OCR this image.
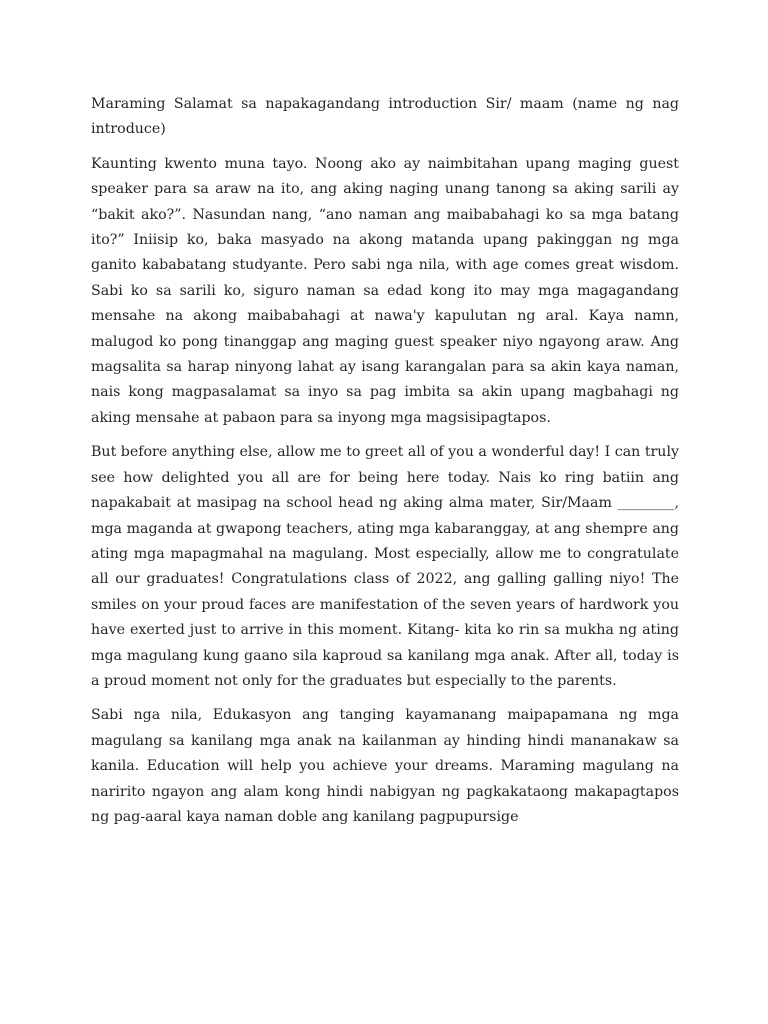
Maraming Salamat sa napakagandang introduction Sir/ maam (name ng nag introduce)

Kaunting kwento muna tayo. Noong ako ay naimbitahan upang maging guest speaker para sa araw na ito, ang aking naging unang tanong sa aking sarili ay “bakit ako?”. Nasundan nang, “ano naman ang maibabahagi ko sa mga batang ito?” Iniisip ko, baka masyado na akong matanda upang pakinggan ng mga ganito kababatang studyante. Pero sabi nga nila, with age comes great wisdom. Sabi ko sa sarili ko, siguro naman sa edad kong ito may mga magagandang mensahe na akong maibabahagi at nawa'y kapulutan ng aral. Kaya namn, malugod ko pong tinanggap ang maging guest speaker niyo ngayong araw. Ang magsalita sa harap ninyong lahat ay isang karangalan para sa akin kaya naman, nais kong magpasalamat sa inyo sa pag imbita sa akin upang magbahagi ng aking mensahe at pabaon para sa inyong mga magsisipagtapos.

But before anything else, allow me to greet all of you a wonderful day! I can truly see how delighted you all are for being here today. Nais ko ring batiin ang napakabait at masipag na school head ng aking alma mater, Sir/Maam ________, mga maganda at gwapong teachers, ating mga kabaranggay, at ang shempre ang ating mga mapagmahal na magulang. Most especially, allow me to congratulate all our graduates! Congratulations class of 2022, ang galling galling niyo! The smiles on your proud faces are manifestation of the seven years of hardwork you have exerted just to arrive in this moment. Kitang- kita ko rin sa mukha ng ating mga magulang kung gaano sila kaproud sa kanilang mga anak. After all, today is a proud moment not only for the graduates but especially to the parents.

Sabi nga nila, Edukasyon ang tanging kayamanang maipapamana ng mga magulang sa kanilang mga anak na kailanman ay hinding hindi mananakaw sa kanila. Education will help you achieve your dreams. Maraming magulang na naririto ngayon ang alam kong hindi nabigyan ng pagkakataong makapagtapos ng pag-aaral kaya naman doble ang kanilang pagpupursige
